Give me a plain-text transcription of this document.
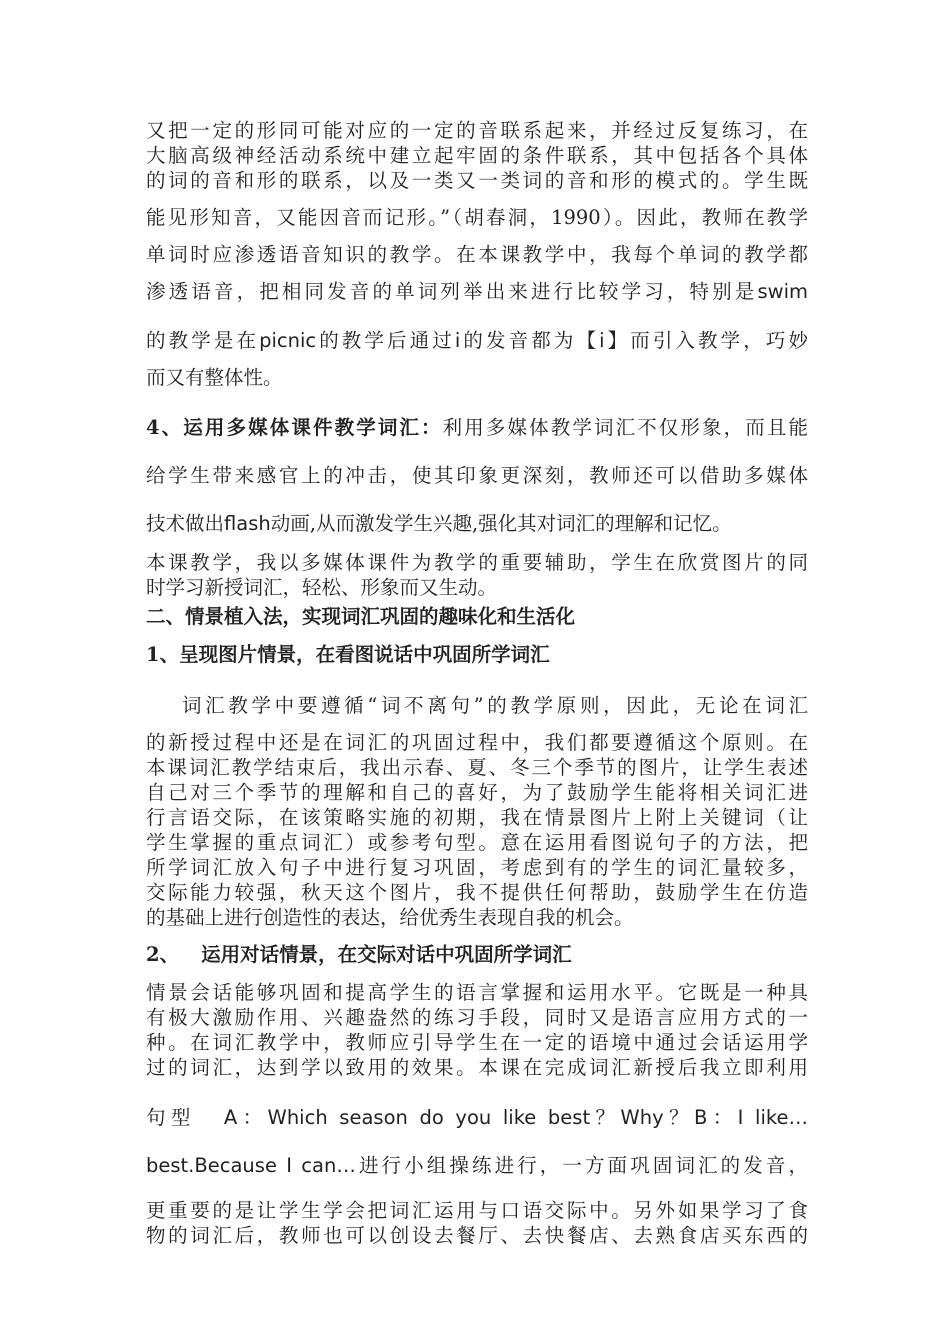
又把一定的形同可能对应的一定的音联系起来，并经过反复练习，在
大脑高级神经活动系统中建立起牢固的条件联系，其中包括各个具体
的词的音和形的联系，以及一类又一类词的音和形的模式的。学生既
能见形知音，又能因音而记形。”（胡春洞，1990）。因此，教师在教学
单词时应渗透语音知识的教学。在本课教学中，我每个单词的教学都
渗透语音，把相同发音的单词列举出来进行比较学习，特别是swim
的教学是在picnic的教学后通过i的发音都为【i】而引入教学，巧妙
而又有整体性。
4、运用多媒体课件教学词汇：利用多媒体教学词汇不仅形象，而且能
给学生带来感官上的冲击，使其印象更深刻，教师还可以借助多媒体
技术做出flash动画,从而激发学生兴趣,强化其对词汇的理解和记忆。
本课教学，我以多媒体课件为教学的重要辅助，学生在欣赏图片的同
时学习新授词汇，轻松、形象而又生动。
二、情景植入法，实现词汇巩固的趣味化和生活化
1、呈现图片情景，在看图说话中巩固所学词汇
词汇教学中要遵循“词不离句”的教学原则，因此，无论在词汇
的新授过程中还是在词汇的巩固过程中，我们都要遵循这个原则。在
本课词汇教学结束后，我出示春、夏、冬三个季节的图片，让学生表述
自己对三个季节的理解和自己的喜好，为了鼓励学生能将相关词汇进
行言语交际，在该策略实施的初期，我在情景图片上附上关键词（让
学生掌握的重点词汇）或参考句型。意在运用看图说句子的方法，把
所学词汇放入句子中进行复习巩固，考虑到有的学生的词汇量较多，
交际能力较强，秋天这个图片，我不提供任何帮助，鼓励学生在仿造
的基础上进行创造性的表达，给优秀生表现自我的机会。
2、 运用对话情景，在交际对话中巩固所学词汇
情景会话能够巩固和提高学生的语言掌握和运用水平。它既是一种具
有极大激励作用、兴趣盎然的练习手段，同时又是语言应用方式的一
种。在词汇教学中，教师应引导学生在一定的语境中通过会话运用学
过的词汇，达到学以致用的效果。本课在完成词汇新授后我立即利用
句型 A：Which season do you like best？Why？B：I like…
best.Because I can…进行小组操练进行，一方面巩固词汇的发音，
更重要的是让学生学会把词汇运用与口语交际中。另外如果学习了食
物的词汇后，教师也可以创设去餐厅、去快餐店、去熟食店买东西的
